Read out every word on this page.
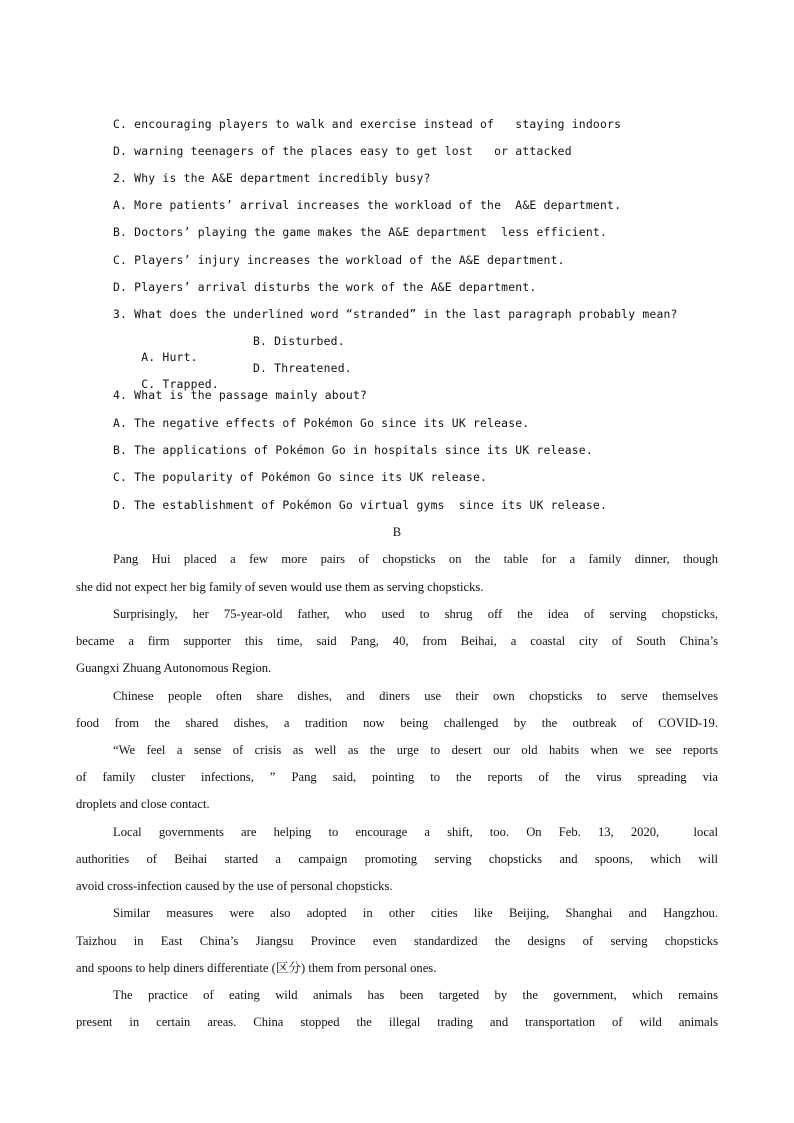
C. encouraging players to walk and exercise instead of   staying indoors
D. warning teenagers of the places easy to get lost   or attacked
2. Why is the A&E department incredibly busy?
A. More patients’ arrival increases the workload of the  A&E department.
B. Doctors’ playing the game makes the A&E department  less efficient.
C. Players’ injury increases the workload of the A&E department.
D. Players’ arrival disturbs the work of the A&E department.
3. What does the underlined word “stranded” in the last paragraph probably mean?

A. Hurt.

B. Disturbed.

C. Trapped.

D. Threatened.

4. What is the passage mainly about?
A. The negative effects of Pokémon Go since its UK release.
B. The applications of Pokémon Go in hospitals since its UK release.
C. The popularity of Pokémon Go since its UK release.
D. The establishment of Pokémon Go virtual gyms  since its UK release.
B
Pang Hui placed a few more pairs of chopsticks on the table for a family dinner, though
she did not expect her big family of seven would use them as serving chopsticks.
Surprisingly, her 75-year-old father, who used to shrug off the idea of serving chopsticks,
became a firm supporter this time, said Pang, 40, from Beihai, a coastal city of South China’s
Guangxi Zhuang Autonomous Region.
Chinese people often share dishes, and diners use their own chopsticks to serve themselves
food from the shared dishes, a tradition now being challenged by the outbreak of COVID-19.
“We feel a sense of crisis as well as the urge to desert our old habits when we see reports
of family cluster infections, ” Pang said, pointing to the reports of the virus spreading via
droplets and close contact.
Local governments are helping to encourage a shift, too. On Feb. 13, 2020,  local
authorities of Beihai started a campaign promoting serving chopsticks and spoons, which will
avoid cross-infection caused by the use of personal chopsticks.
Similar measures were also adopted in other cities like Beijing, Shanghai and Hangzhou.
Taizhou in East China’s Jiangsu Province even standardized the designs of serving chopsticks
and spoons to help diners differentiate (区分) them from personal ones.
The practice of eating wild animals has been targeted by the government, which remains
present in certain areas. China stopped the illegal trading and transportation of wild animals
